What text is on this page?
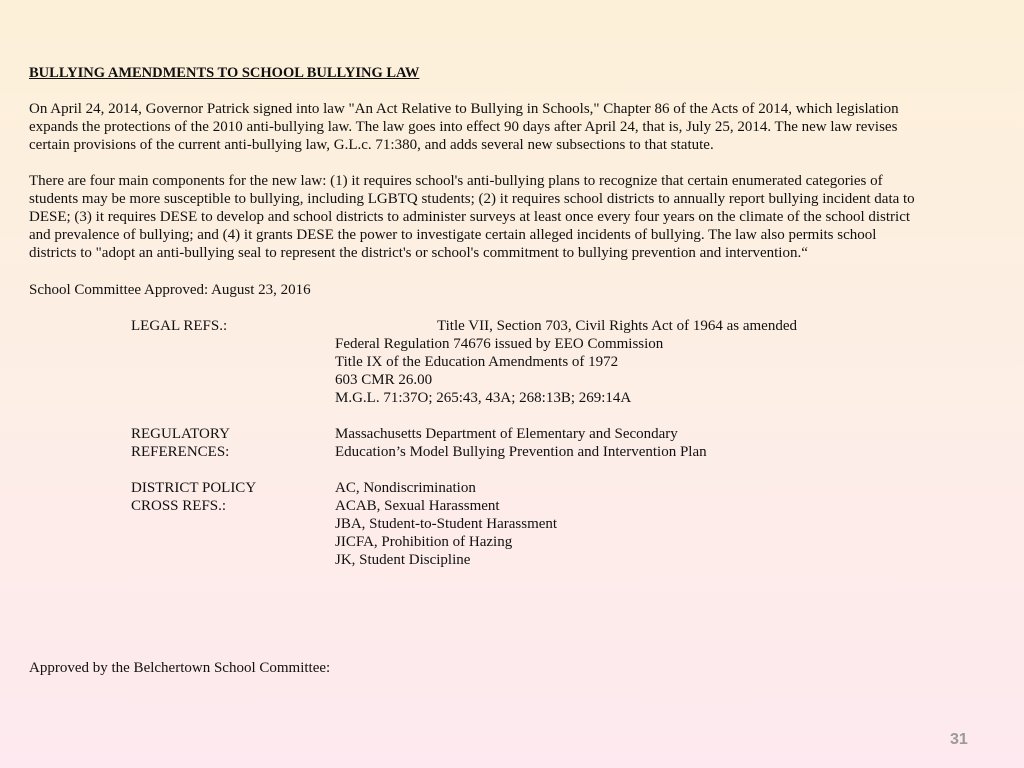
BULLYING AMENDMENTS TO SCHOOL BULLYING LAW

On April 24, 2014, Governor Patrick signed into law "An Act Relative to Bullying in Schools," Chapter 86 of the Acts of 2014, which legislation
expands the protections of the 2010 anti-bullying law. The law goes into effect 90 days after April 24, that is, July 25, 2014. The new law revises
certain provisions of the current anti-bullying law, G.L.c. 71:380, and adds several new subsections to that statute.

There are four main components for the new law: (1) it requires school's anti-bullying plans to recognize that certain enumerated categories of
students may be more susceptible to bullying, including LGBTQ students; (2) it requires school districts to annually report bullying incident data to
DESE; (3) it requires DESE to develop and school districts to administer surveys at least once every four years on the climate of the school district
and prevalence of bullying; and (4) it grants DESE the power to investigate certain alleged incidents of bullying. The law also permits school
districts to "adopt an anti-bullying seal to represent the district's or school's commitment to bullying prevention and intervention.“

School Committee Approved: August 23, 2016
LEGAL REFS.:	Title VII, Section 703, Civil Rights Act of 1964 as amended
Federal Regulation 74676 issued by EEO Commission
Title IX of the Education Amendments of 1972
603 CMR 26.00
M.G.L. 71:37O; 265:43, 43A; 268:13B; 269:14A
REGULATORY
REFERENCES:
Massachusetts Department of Elementary and Secondary
Education’s Model Bullying Prevention and Intervention Plan
DISTRICT POLICY
CROSS REFS.:
AC, Nondiscrimination
ACAB, Sexual Harassment
JBA, Student-to-Student Harassment
JICFA, Prohibition of Hazing
JK, Student Discipline
Approved by the Belchertown School Committee:
31
